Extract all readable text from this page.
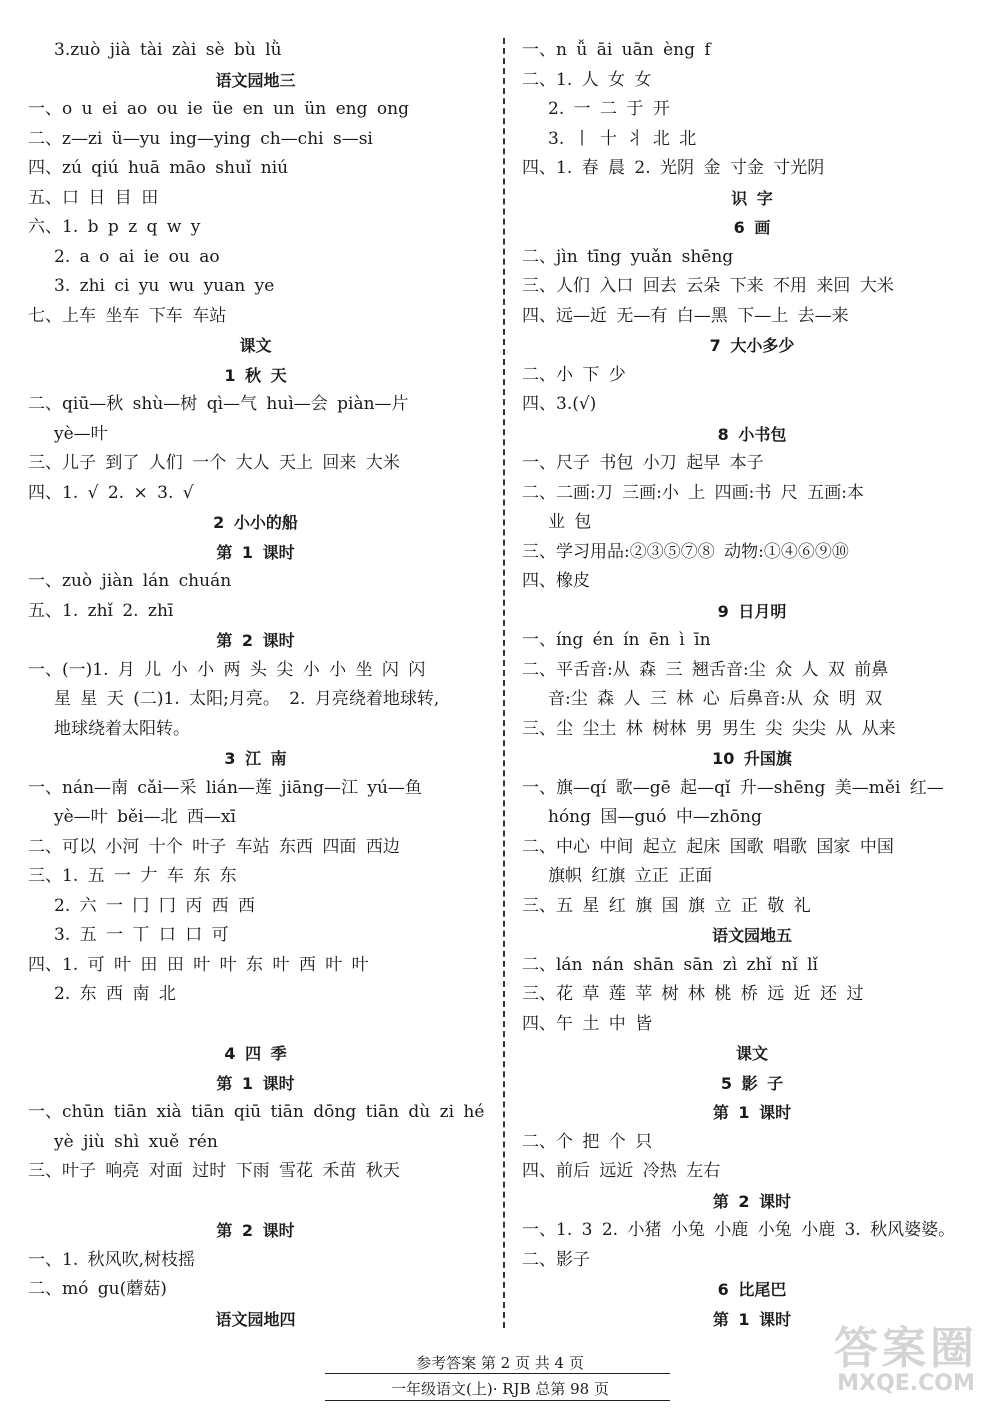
3.zuò jià tài zài sè bù lǜ
语文园地三
一、o u ei ao ou ie üe en un ün eng ong
二、z—zi ü—yu ing—ying ch—chi s—si
四、zú qiú huā māo shuǐ niú
五、口 日 目 田
六、1. b p z q w y
2. a o ai ie ou ao
3. zhi ci yu wu yuan ye
七、上车 坐车 下车 车站
课文
1 秋 天
二、qiū—秋 shù—树 qì—气 huì—会 piàn—片
yè—叶
三、儿子 到了 人们 一个 大人 天上 回来 大米
四、1. √ 2. × 3. √
2 小小的船
第 1 课时
一、zuò jiàn lán chuán
五、1. zhǐ 2. zhī
第 2 课时
一、(一)1. 月 儿 小 小 两 头 尖 小 小 坐 闪 闪
星 星 天 (二)1. 太阳;月亮。 2. 月亮绕着地球转,
地球绕着太阳转。
3 江 南
一、nán—南 cǎi—采 lián—莲 jiāng—江 yú—鱼
yè—叶 běi—北 西—xī
二、可以 小河 十个 叶子 车站 东西 四面 西边
三、1. 五 一 𠂇 车 东 东
2. 六 一 冂 冂 丙 西 西
3. 五 一 丅 口 口 可
四、1. 可 叶 田 田 叶 叶 东 叶 西 叶 叶
2. 东 西 南 北
4 四 季
第 1 课时
一、chūn tiān xià tiān qiū tiān dōng tiān dù zi hé
yè jiù shì xuě rén
三、叶子 响亮 对面 过时 下雨 雪花 禾苗 秋天
第 2 课时
一、1. 秋风吹,树枝摇
二、mó gu(蘑菇)
语文园地四
一、n ǚ āi uān èng f
二、1. 人 女 女
2. 一 二 于 开
3. 丨 十 ⺦ 北 北
四、1. 春 晨 2. 光阴 金 寸金 寸光阴
识 字
6 画
二、jìn tīng yuǎn shēng
三、人们 入口 回去 云朵 下来 不用 来回 大米
四、远—近 无—有 白—黑 下—上 去—来
7 大小多少
二、小 下 少
四、3.(√)
8 小书包
一、尺子 书包 小刀 起早 本子
二、二画:刀 三画:小 上 四画:书 尺 五画:本
业 包
三、学习用品:②③⑤⑦⑧ 动物:①④⑥⑨⑩
四、橡皮
9 日月明
一、íng én ín ēn ì īn
二、平舌音:从 森 三 翘舌音:尘 众 人 双 前鼻
音:尘 森 人 三 林 心 后鼻音:从 众 明 双
三、尘 尘土 林 树林 男 男生 尖 尖尖 从 从来
10 升国旗
一、旗—qí 歌—gē 起—qǐ 升—shēng 美—měi 红—
hóng 国—guó 中—zhōng
二、中心 中间 起立 起床 国歌 唱歌 国家 中国
旗帜 红旗 立正 正面
三、五 星 红 旗 国 旗 立 正 敬 礼
语文园地五
二、lán nán shān sān zì zhǐ nǐ lǐ
三、花 草 莲 苹 树 林 桃 桥 远 近 还 过
四、午 土 中 皆
课文
5 影 子
第 1 课时
二、个 把 个 只
四、前后 远近 冷热 左右
第 2 课时
一、1. 3 2. 小猪 小兔 小鹿 小兔 小鹿 3. 秋风婆婆。
二、影子
6 比尾巴
第 1 课时
参考答案 第 2 页 共 4 页
一年级语文(上)· RJB 总第 98 页
答案圈
MXQE.COM
